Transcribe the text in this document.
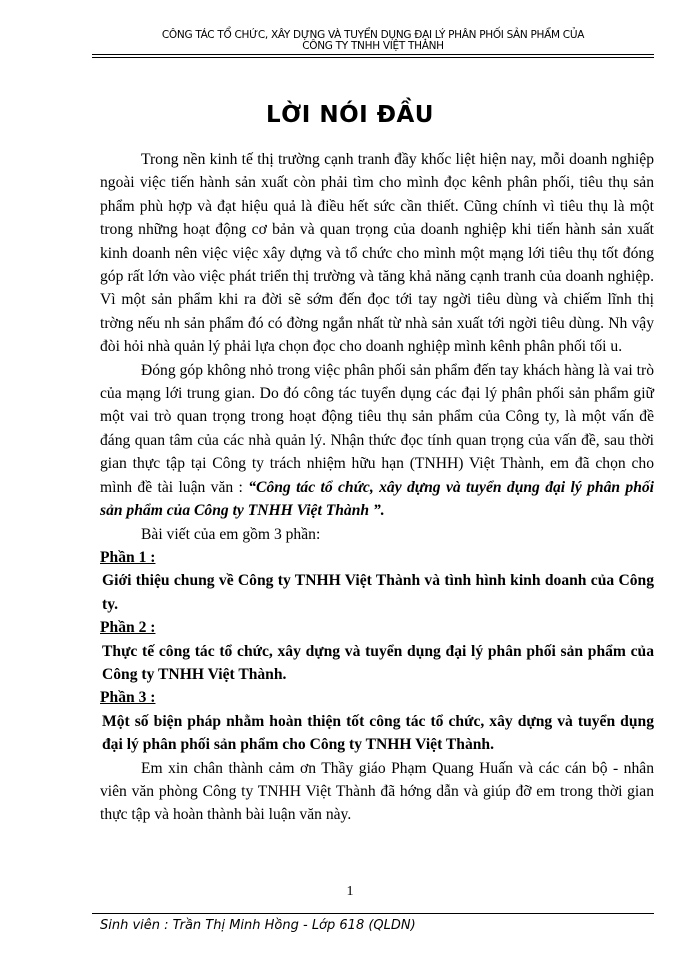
CÔNG TÁC TỔ CHỨC, XÂY DỰNG VÀ TUYỂN DỤNG ĐẠI LÝ PHÂN PHỐI SẢN PHẨM CỦA
CÔNG TY TNHH VIỆT THÀNH
LỜI NÓI ĐẦU

Trong nền kinh tế thị trường cạnh tranh đầy khốc liệt hiện nay, mỗi doanh nghiệp ngoài việc tiến hành sản xuất còn phải tìm cho mình đọc kênh phân phối, tiêu thụ sản phẩm phù hợp và đạt hiệu quả là điều hết sức cần thiết. Cũng chính vì tiêu thụ là một trong những hoạt động cơ bản và quan trọng của doanh nghiệp khi tiến hành sản xuất kinh doanh nên việc việc xây dựng và tổ chức cho mình một mạng lới tiêu thụ tốt đóng góp rất lớn vào việc phát triển thị trường và tăng khả năng cạnh tranh của doanh nghiệp. Vì một sản phẩm khi ra đời sẽ sớm đến đọc tới tay ngời tiêu dùng và chiếm lĩnh thị trờng nếu nh sản phẩm đó có đờng ngắn nhất từ nhà sản xuất tới ngời tiêu dùng. Nh vậy đòi hỏi nhà quản lý phải lựa chọn đọc cho doanh nghiệp mình kênh phân phối tối u.

Đóng góp không nhỏ trong việc phân phối sản phẩm đến tay khách hàng là vai trò của mạng lới trung gian. Do đó công tác tuyển dụng các đại lý phân phối sản phẩm giữ một vai trò quan trọng trong hoạt động tiêu thụ sản phẩm của Công ty, là một vấn đề đáng quan tâm của các nhà quản lý. Nhận thức đọc tính quan trọng của vấn đề, sau thời gian thực tập tại Công ty trách nhiệm hữu hạn (TNHH) Việt Thành, em đã chọn cho mình đề tài luận văn : “Công tác tổ chức, xây dựng và tuyển dụng đại lý phân phối sản phẩm của Công ty TNHH Việt Thành ”.

Bài viết của em gồm 3 phần:

Phần 1 :

Giới thiệu chung về Công ty TNHH Việt Thành và tình hình kinh doanh của Công ty.

Phần 2 :

Thực tế công tác tổ chức, xây dựng và tuyển dụng đại lý phân phối sản phẩm của Công ty TNHH Việt Thành.

Phần 3 :

Một số biện pháp nhằm hoàn thiện tốt công tác tổ chức, xây dựng và tuyển dụng đại lý phân phối sản phẩm cho Công ty TNHH Việt Thành.

Em xin chân thành cảm ơn Thầy giáo Phạm Quang Huấn và các cán bộ - nhân viên văn phòng Công ty TNHH Việt Thành đã hớng dẫn và giúp đỡ em trong thời gian thực tập và hoàn thành bài luận văn này.

1
Sinh viên : Trần Thị Minh Hồng - Lớp 618 (QLDN)
